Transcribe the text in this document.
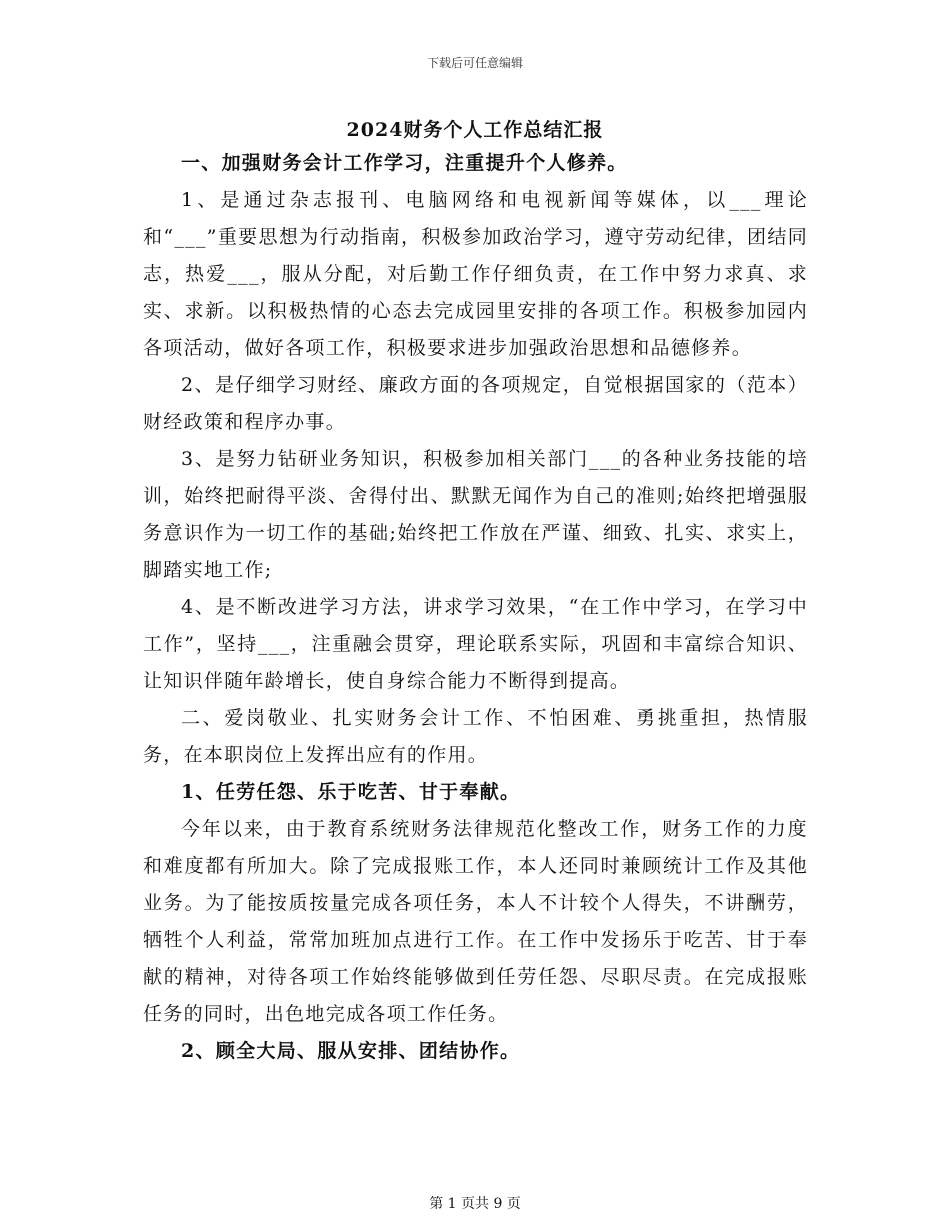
下载后可任意编辑
2024财务个人工作总结汇报

一、加强财务会计工作学习，注重提升个人修养。

1、是通过杂志报刊、电脑网络和电视新闻等媒体，以___理论和“___”重要思想为行动指南，积极参加政治学习，遵守劳动纪律，团结同志，热爱___，服从分配，对后勤工作仔细负责，在工作中努力求真、求实、求新。以积极热情的心态去完成园里安排的各项工作。积极参加园内各项活动，做好各项工作，积极要求进步加强政治思想和品德修养。

2、是仔细学习财经、廉政方面的各项规定，自觉根据国家的（范本）财经政策和程序办事。

3、是努力钻研业务知识，积极参加相关部门___的各种业务技能的培训，始终把耐得平淡、舍得付出、默默无闻作为自己的准则;始终把增强服务意识作为一切工作的基础;始终把工作放在严谨、细致、扎实、求实上，脚踏实地工作;

4、是不断改进学习方法，讲求学习效果，“在工作中学习，在学习中工作”，坚持___，注重融会贯穿，理论联系实际，巩固和丰富综合知识、让知识伴随年龄增长，使自身综合能力不断得到提高。

二、爱岗敬业、扎实财务会计工作、不怕困难、勇挑重担，热情服务，在本职岗位上发挥出应有的作用。

1、任劳任怨、乐于吃苦、甘于奉献。

今年以来，由于教育系统财务法律规范化整改工作，财务工作的力度和难度都有所加大。除了完成报账工作，本人还同时兼顾统计工作及其他业务。为了能按质按量完成各项任务，本人不计较个人得失，不讲酬劳，牺牲个人利益，常常加班加点进行工作。在工作中发扬乐于吃苦、甘于奉献的精神，对待各项工作始终能够做到任劳任怨、尽职尽责。在完成报账任务的同时，出色地完成各项工作任务。

2、顾全大局、服从安排、团结协作。

第 1 页共 9 页
